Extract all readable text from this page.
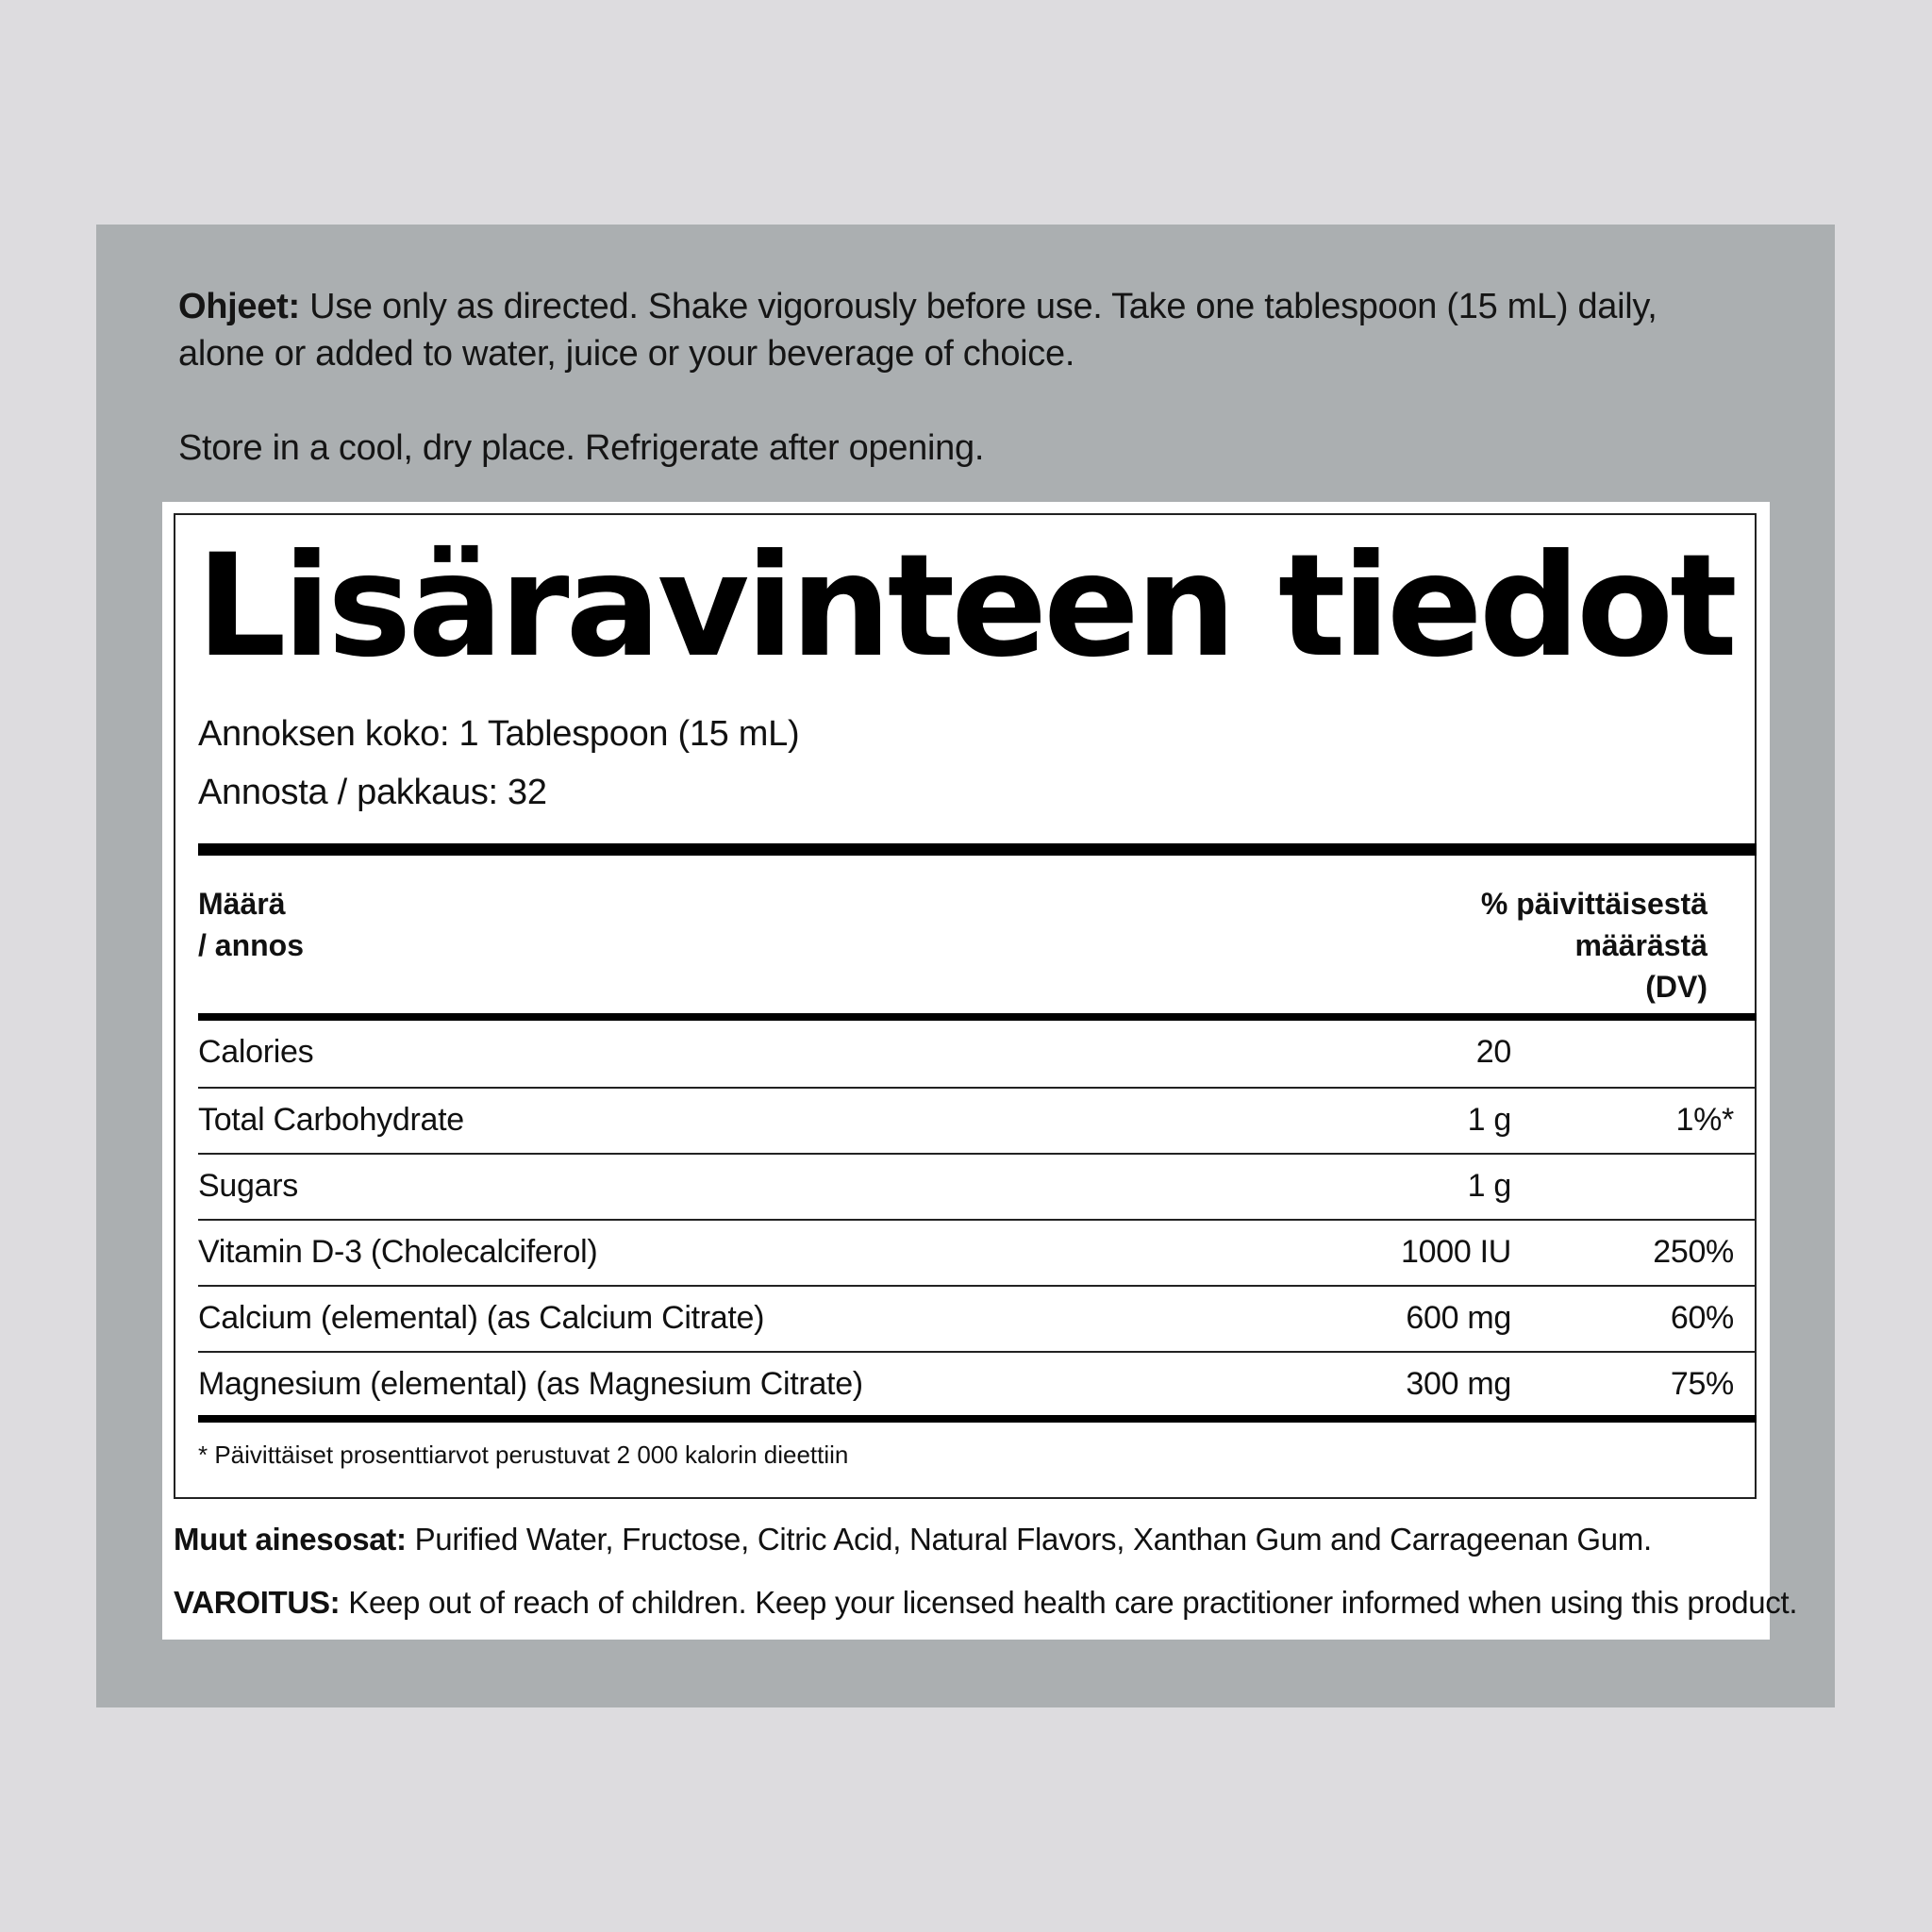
Ohjeet: Use only as directed. Shake vigorously before use. Take one tablespoon (15 mL) daily, alone or added to water, juice or your beverage of choice.

Store in a cool, dry place. Refrigerate after opening.

Lisäravinteen tiedot
Annoksen koko: 1 Tablespoon (15 mL)
Annosta / pakkaus: 32
Määrä
/ annos
% päivittäisestä
määrästä
(DV)
Calories	20
Total Carbohydrate	1 g	1%*
Sugars	1 g
Vitamin D-3 (Cholecalciferol)	1000 IU	250%
Calcium (elemental) (as Calcium Citrate)	600 mg	60%
Magnesium (elemental) (as Magnesium Citrate)	300 mg	75%
* Päivittäiset prosenttiarvot perustuvat 2 000 kalorin dieettiin
Muut ainesosat: Purified Water, Fructose, Citric Acid, Natural Flavors, Xanthan Gum and Carrageenan Gum.
VAROITUS: Keep out of reach of children. Keep your licensed health care practitioner informed when using this product.
